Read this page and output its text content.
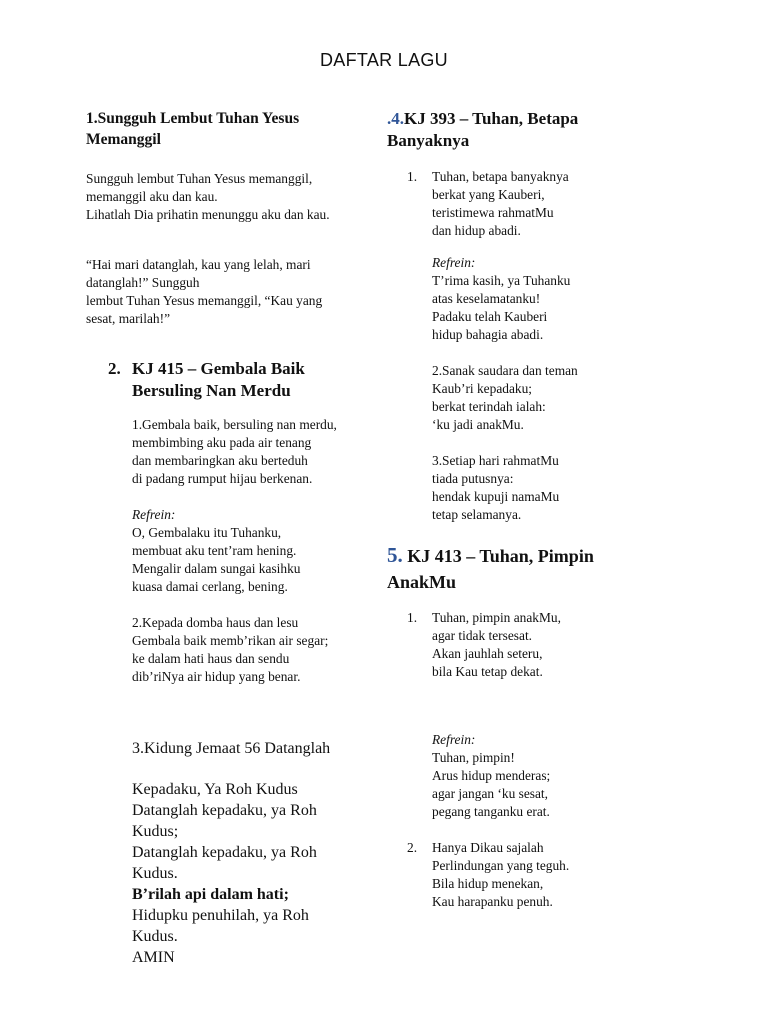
DAFTAR LAGU
1.Sungguh Lembut Tuhan Yesus Memanggil

Sungguh lembut Tuhan Yesus memanggil,
memanggil aku dan kau.
Lihatlah Dia prihatin menunggu aku dan kau.

“Hai mari datanglah, kau yang lelah, mari
datanglah!” Sungguh
lembut Tuhan Yesus memanggil, “Kau yang
sesat, marilah!”

2. KJ 415 – Gembala Baik
Bersuling Nan Merdu

1.Gembala baik, bersuling nan merdu,
membimbing aku pada air tenang
dan membaringkan aku berteduh
di padang rumput hijau berkenan.

Refrein:
O, Gembalaku itu Tuhanku,
membuat aku tent’ram hening.
Mengalir dalam sungai kasihku
kuasa damai cerlang, bening.

2.Kepada domba haus dan lesu
Gembala baik memb’rikan air segar;
ke dalam hati haus dan sendu
dib’riNya air hidup yang benar.

3.Kidung Jemaat 56 Datanglah
Kepadaku, Ya Roh Kudus
Datanglah kepadaku, ya Roh
Kudus;
Datanglah kepadaku, ya Roh
Kudus.
B’rilah api dalam hati;
Hidupku penuhilah, ya Roh
Kudus.
AMIN
.4.KJ 393 – Tuhan, Betapa
Banyaknya
1.	Tuhan, betapa banyaknya
berkat yang Kauberi,
teristimewa rahmatMu
dan hidup abadi.

Refrein:
T’rima kasih, ya Tuhanku
atas keselamatanku!
Padaku telah Kauberi
hidup bahagia abadi.

2.Sanak saudara dan teman
Kaub’ri kepadaku;
berkat terindah ialah:
‘ku jadi anakMu.

3.Setiap hari rahmatMu
tiada putusnya:
hendak kupuji namaMu
tetap selamanya.

5. KJ 413 – Tuhan, Pimpin
AnakMu
1.	Tuhan, pimpin anakMu,
agar tidak tersesat.
Akan jauhlah seteru,
bila Kau tetap dekat.

Refrein:
Tuhan, pimpin!
Arus hidup menderas;
agar jangan ‘ku sesat,
pegang tanganku erat.

2.	Hanya Dikau sajalah
Perlindungan yang teguh.
Bila hidup menekan,
Kau harapanku penuh.
